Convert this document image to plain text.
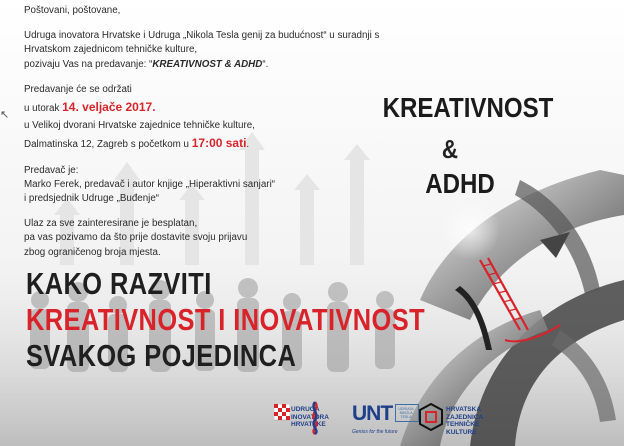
↖

Poštovani, poštovane,

Udruga inovatora Hrvatske i Udruga „Nikola Tesla genij za budućnost“ u suradnji s Hrvatskom zajednicom tehničke kulture,

pozivaju Vas na predavanje: “KREATIVNOST & ADHD“.

Predavanje će se održati

u utorak 14. veljače 2017.

u Velikoj dvorani Hrvatske zajednice tehničke kulture,

Dalmatinska 12, Zagreb s početkom u 17:00 sati.

Predavač je:

Marko Ferek, predavač i autor knjige „Hiperaktivni sanjari“

i predsjednik Udruge „Buđenje“

Ulaz za sve zainteresirane je besplatan,

pa vas pozivamo da što prije dostavite svoju prijavu

zbog ograničenog broja mjesta.

KREATIVNOST
&
ADHD
KAKO RAZVITI
KREATIVNOST I INOVATIVNOST
SVAKOG POJEDINCA
UDRUGA
INOVATORA
HRVATSKE	UNT
Genius for the future
UDRUGA NIKOLA TESLA
HRVATSKA
ZAJEDNICA
TEHNIČKE
KULTURE
